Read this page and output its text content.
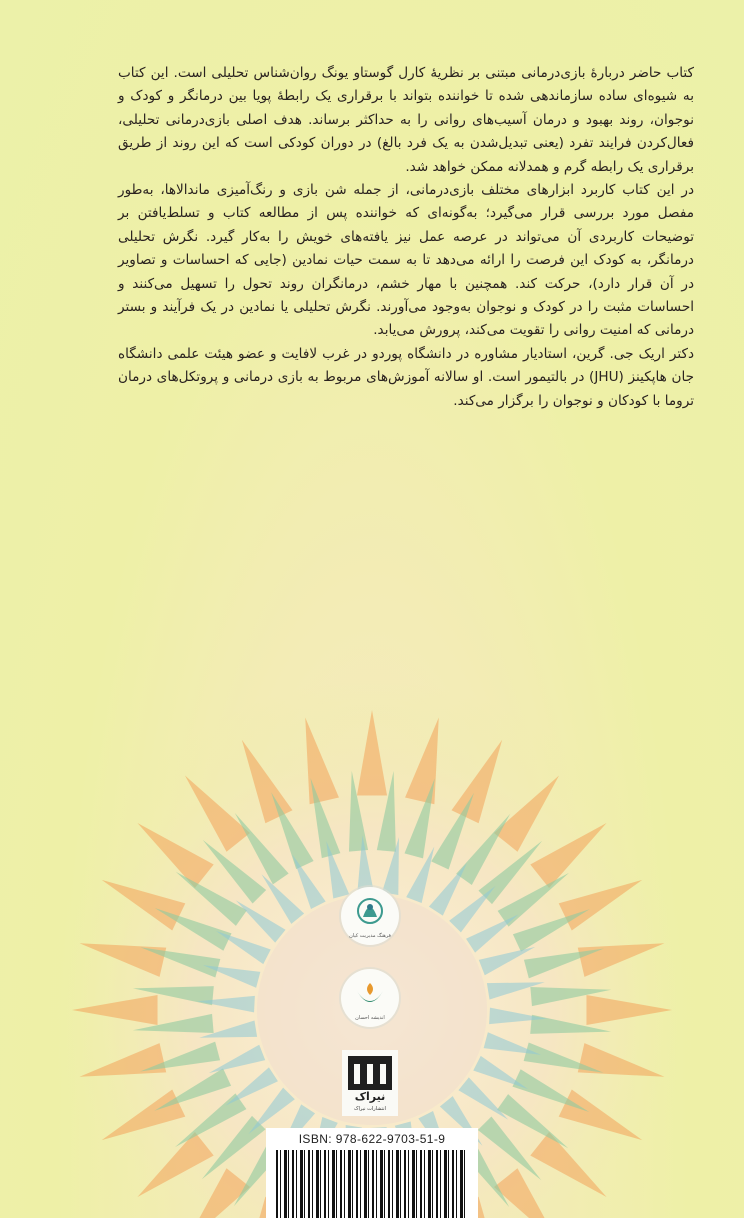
کتاب حاضر دربارهٔ بازی‌درمانی مبتنی بر نظریهٔ کارل گوستاو یونگ روان‌شناس تحلیلی است. این کتاب به شیوه‌ای ساده سازماندهی شده تا خواننده بتواند با برقراری یک رابطهٔ پویا بین درمانگر و کودک و نوجوان، روند بهبود و درمان آسیب‌های روانی را به حداکثر برساند. هدف اصلی بازی‌درمانی تحلیلی، فعال‌کردن فرایند تفرد (یعنی تبدیل‌شدن به یک فرد بالغ) در دوران کودکی است که این روند از طریق برقراری یک رابطه گرم و همدلانه ممکن خواهد شد.

در این کتاب کاربرد ابزارهای مختلف بازی‌درمانی، از جمله شن بازی و رنگ‌آمیزی ماندالاها، به‌طور مفصل مورد بررسی قرار می‌گیرد؛ به‌گونه‌ای که خواننده پس از مطالعه کتاب و تسلط‌یافتن بر توضیحات کاربردی آن می‌تواند در عرصه عمل نیز یافته‌های خویش را به‌کار گیرد. نگرش تحلیلی درمانگر، به کودک این فرصت را ارائه می‌دهد تا به سمت حیات نمادین (جایی که احساسات و تصاویر در آن قرار دارد)، حرکت کند. همچنین با مهار خشم، درمانگران روند تحول را تسهیل می‌کنند و احساسات مثبت را در کودک و نوجوان به‌وجود می‌آورند. نگرش تحلیلی یا نمادین در یک فرآیند و بستر درمانی که امنیت روانی را تقویت می‌کند، پرورش می‌یابد.

دکتر اریک جی. گرین، استادیار مشاوره در دانشگاه پوردو در غرب لافایت و عضو هیئت علمی دانشگاه جان هاپکینز (JHU) در بالتیمور است. او سالانه آموزش‌های مربوط به بازی درمانی و پروتکل‌های درمان تروما با کودکان و نوجوان را برگزار می‌کند.

فرهنگ مدیریت کیان
اندیشه احسان
نیراک
انتشارات نیراک
ISBN: 978-622-9703-51-9
